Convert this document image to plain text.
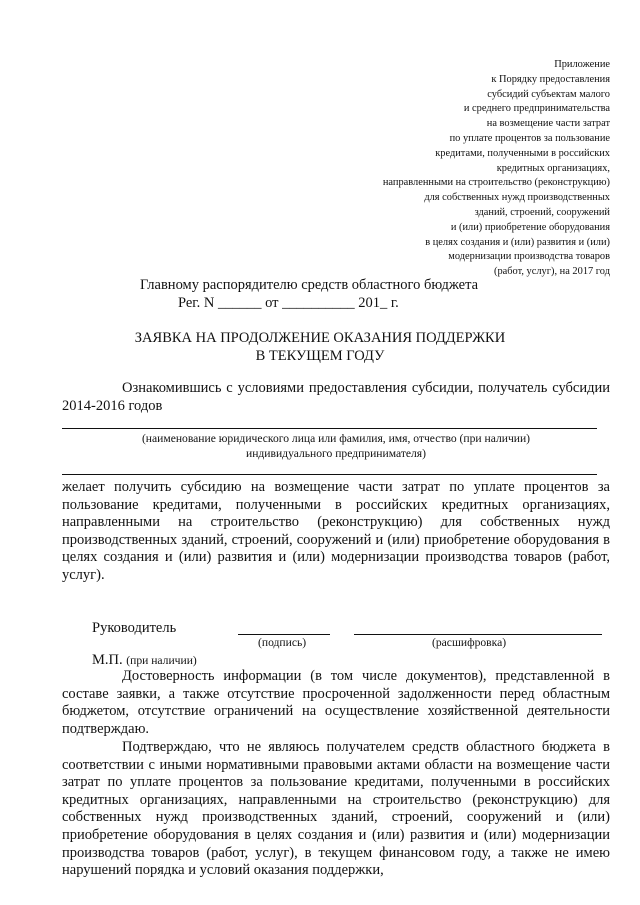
Приложение
к Порядку предоставления
субсидий субъектам малого
и среднего предпринимательства
на возмещение части затрат
по уплате процентов за пользование
кредитами, полученными в российских
кредитных организациях,
направленными на строительство (реконструкцию)
для собственных нужд производственных
зданий, строений, сооружений
и (или) приобретение оборудования
в целях создания и (или) развития и (или)
модернизации производства товаров
(работ, услуг), на 2017 год
Главному распорядителю средств областного бюджета
Рег. N ______ от __________ 201_ г.
ЗАЯВКА НА ПРОДОЛЖЕНИЕ ОКАЗАНИЯ ПОДДЕРЖКИ
В ТЕКУЩЕМ ГОДУ
Ознакомившись с условиями предоставления субсидии, получатель субсидии 2014-2016 годов
(наименование юридического лица или фамилия, имя, отчество (при наличии)
индивидуального предпринимателя)
желает получить субсидию на возмещение части затрат по уплате процентов за пользование кредитами, полученными в российских кредитных организациях, направленными на строительство (реконструкцию) для собственных нужд производственных зданий, строений, сооружений и (или) приобретение оборудования в целях создания и (или) развития и (или) модернизации производства товаров (работ, услуг).
Руководитель
(подпись)	(расшифровка)
М.П. (при наличии)
Достоверность информации (в том числе документов), представленной в составе заявки, а также отсутствие просроченной задолженности перед областным бюджетом, отсутствие ограничений на осуществление хозяйственной деятельности подтверждаю.
Подтверждаю, что не являюсь получателем средств областного бюджета в соответствии с иными нормативными правовыми актами области на возмещение части затрат по уплате процентов за пользование кредитами, полученными в российских кредитных организациях, направленными на строительство (реконструкцию) для собственных нужд производственных зданий, строений, сооружений и (или) приобретение оборудования в целях создания и (или) развития и (или) модернизации производства товаров (работ, услуг), в текущем финансовом году, а также не имею нарушений порядка и условий оказания поддержки,
